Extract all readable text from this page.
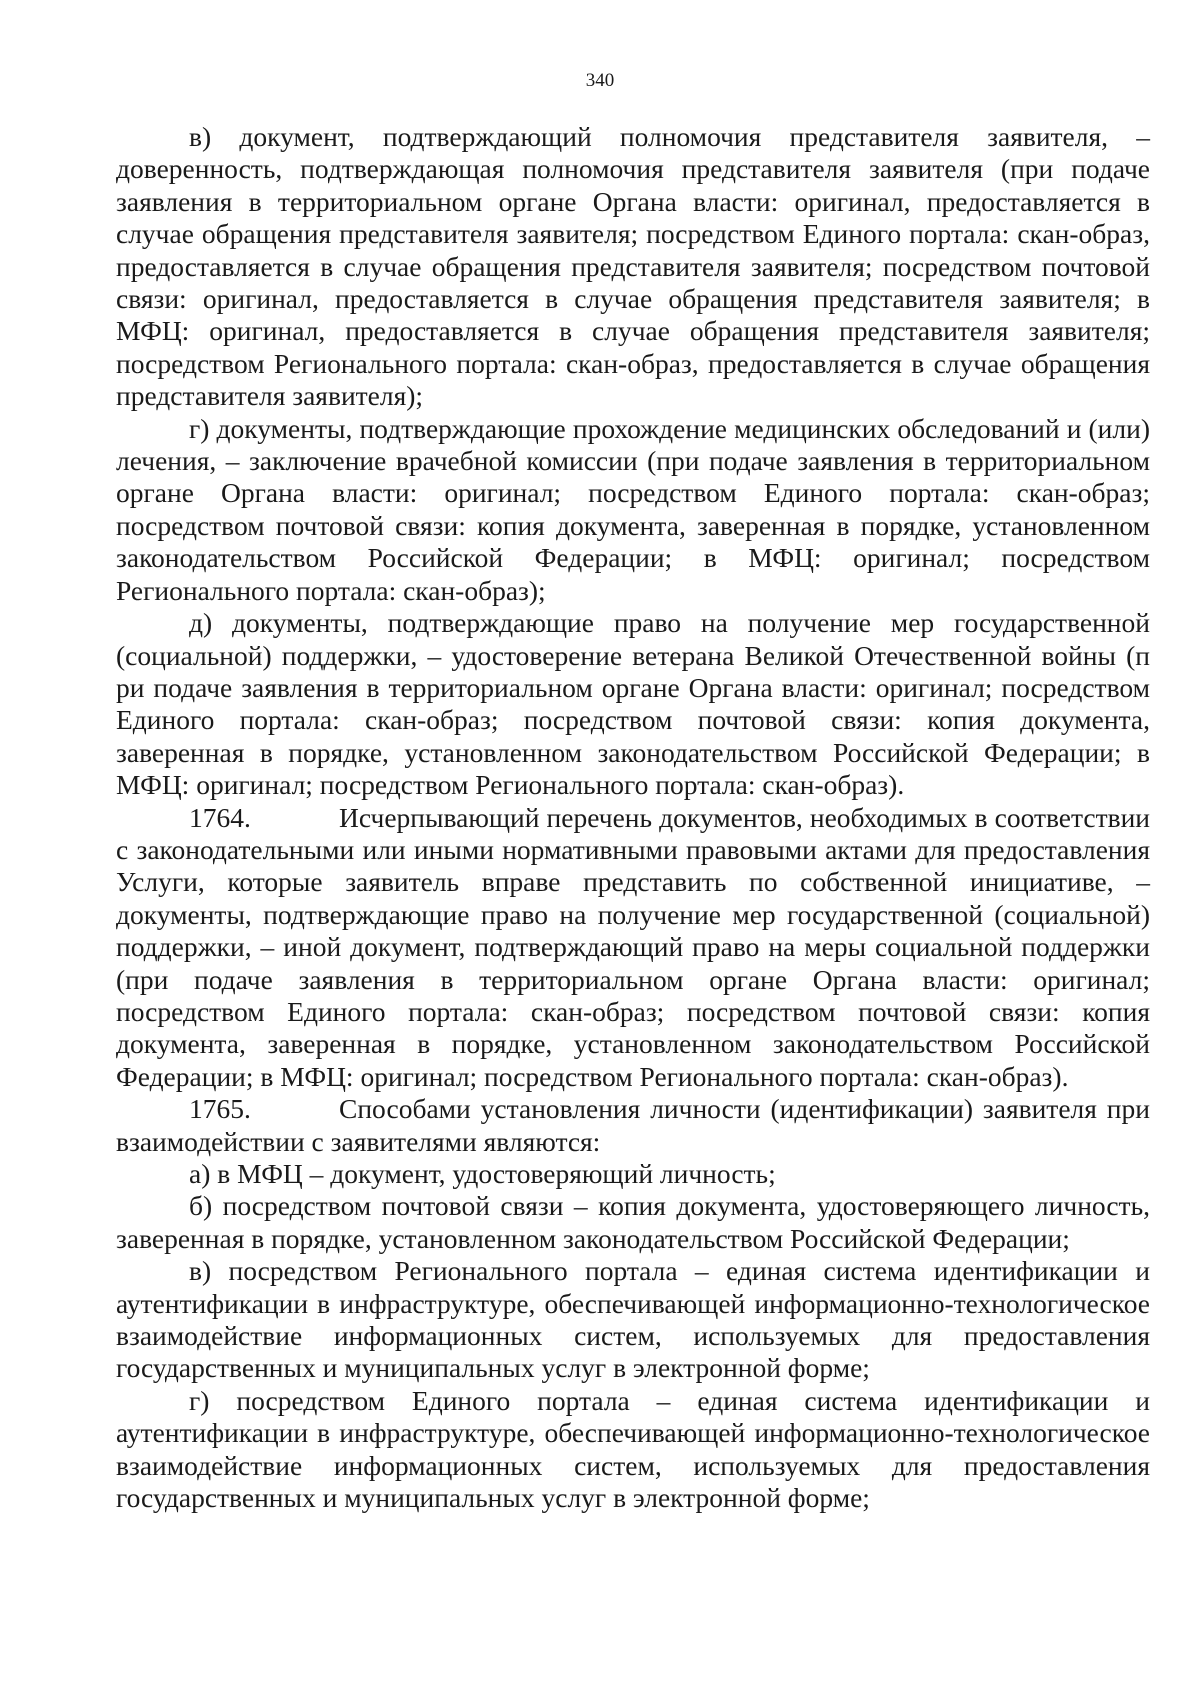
340

в) документ, подтверждающий полномочия представителя заявителя, – доверенность, подтверждающая полномочия представителя заявителя (при подаче заявления в территориальном органе Органа власти: оригинал, предоставляется в случае обращения представителя заявителя; посредством Единого портала: скан-образ, предоставляется в случае обращения представителя заявителя; посредством почтовой связи: оригинал, предоставляется в случае обращения представителя заявителя; в МФЦ: оригинал, предоставляется в случае обращения представителя заявителя; посредством Регионального портала: скан-образ, предоставляется в случае обращения представителя заявителя);

г) документы, подтверждающие прохождение медицинских обследований и (или) лечения, – заключение врачебной комиссии (при подаче заявления в территориальном органе Органа власти: оригинал; посредством Единого портала: скан-образ; посредством почтовой связи: копия документа, заверенная в порядке, установленном законодательством Российской Федерации; в МФЦ: оригинал; посредством Регионального портала: скан-образ);

д) документы, подтверждающие право на получение мер государственной (социальной) поддержки, – удостоверение ветерана Великой Отечественной войны (п ри подаче заявления в территориальном органе Органа власти: оригинал; посредством Единого портала: скан-образ; посредством почтовой связи: копия документа, заверенная в порядке, установленном законодательством Российской Федерации; в МФЦ: оригинал; посредством Регионального портала: скан-образ).

1764.	Исчерпывающий перечень документов, необходимых в соответствии с законодательными или иными нормативными правовыми актами для предоставления Услуги, которые заявитель вправе представить по собственной инициативе, – документы, подтверждающие право на получение мер государственной (социальной) поддержки, – иной документ, подтверждающий право на меры социальной поддержки (при подаче заявления в территориальном органе Органа власти: оригинал; посредством Единого портала: скан-образ; посредством почтовой связи: копия документа, заверенная в порядке, установленном законодательством Российской Федерации; в МФЦ: оригинал; посредством Регионального портала: скан-образ).

1765.	Способами установления личности (идентификации) заявителя при взаимодействии с заявителями являются:

а) в МФЦ – документ, удостоверяющий личность;

б) посредством почтовой связи – копия документа, удостоверяющего личность, заверенная в порядке, установленном законодательством Российской Федерации;

в) посредством Регионального портала – единая система идентификации и аутентификации в инфраструктуре, обеспечивающей информационно-технологическое взаимодействие информационных систем, используемых для предоставления государственных и муниципальных услуг в электронной форме;

г) посредством Единого портала – единая система идентификации и аутентификации в инфраструктуре, обеспечивающей информационно-технологическое взаимодействие информационных систем, используемых для предоставления государственных и муниципальных услуг в электронной форме;
